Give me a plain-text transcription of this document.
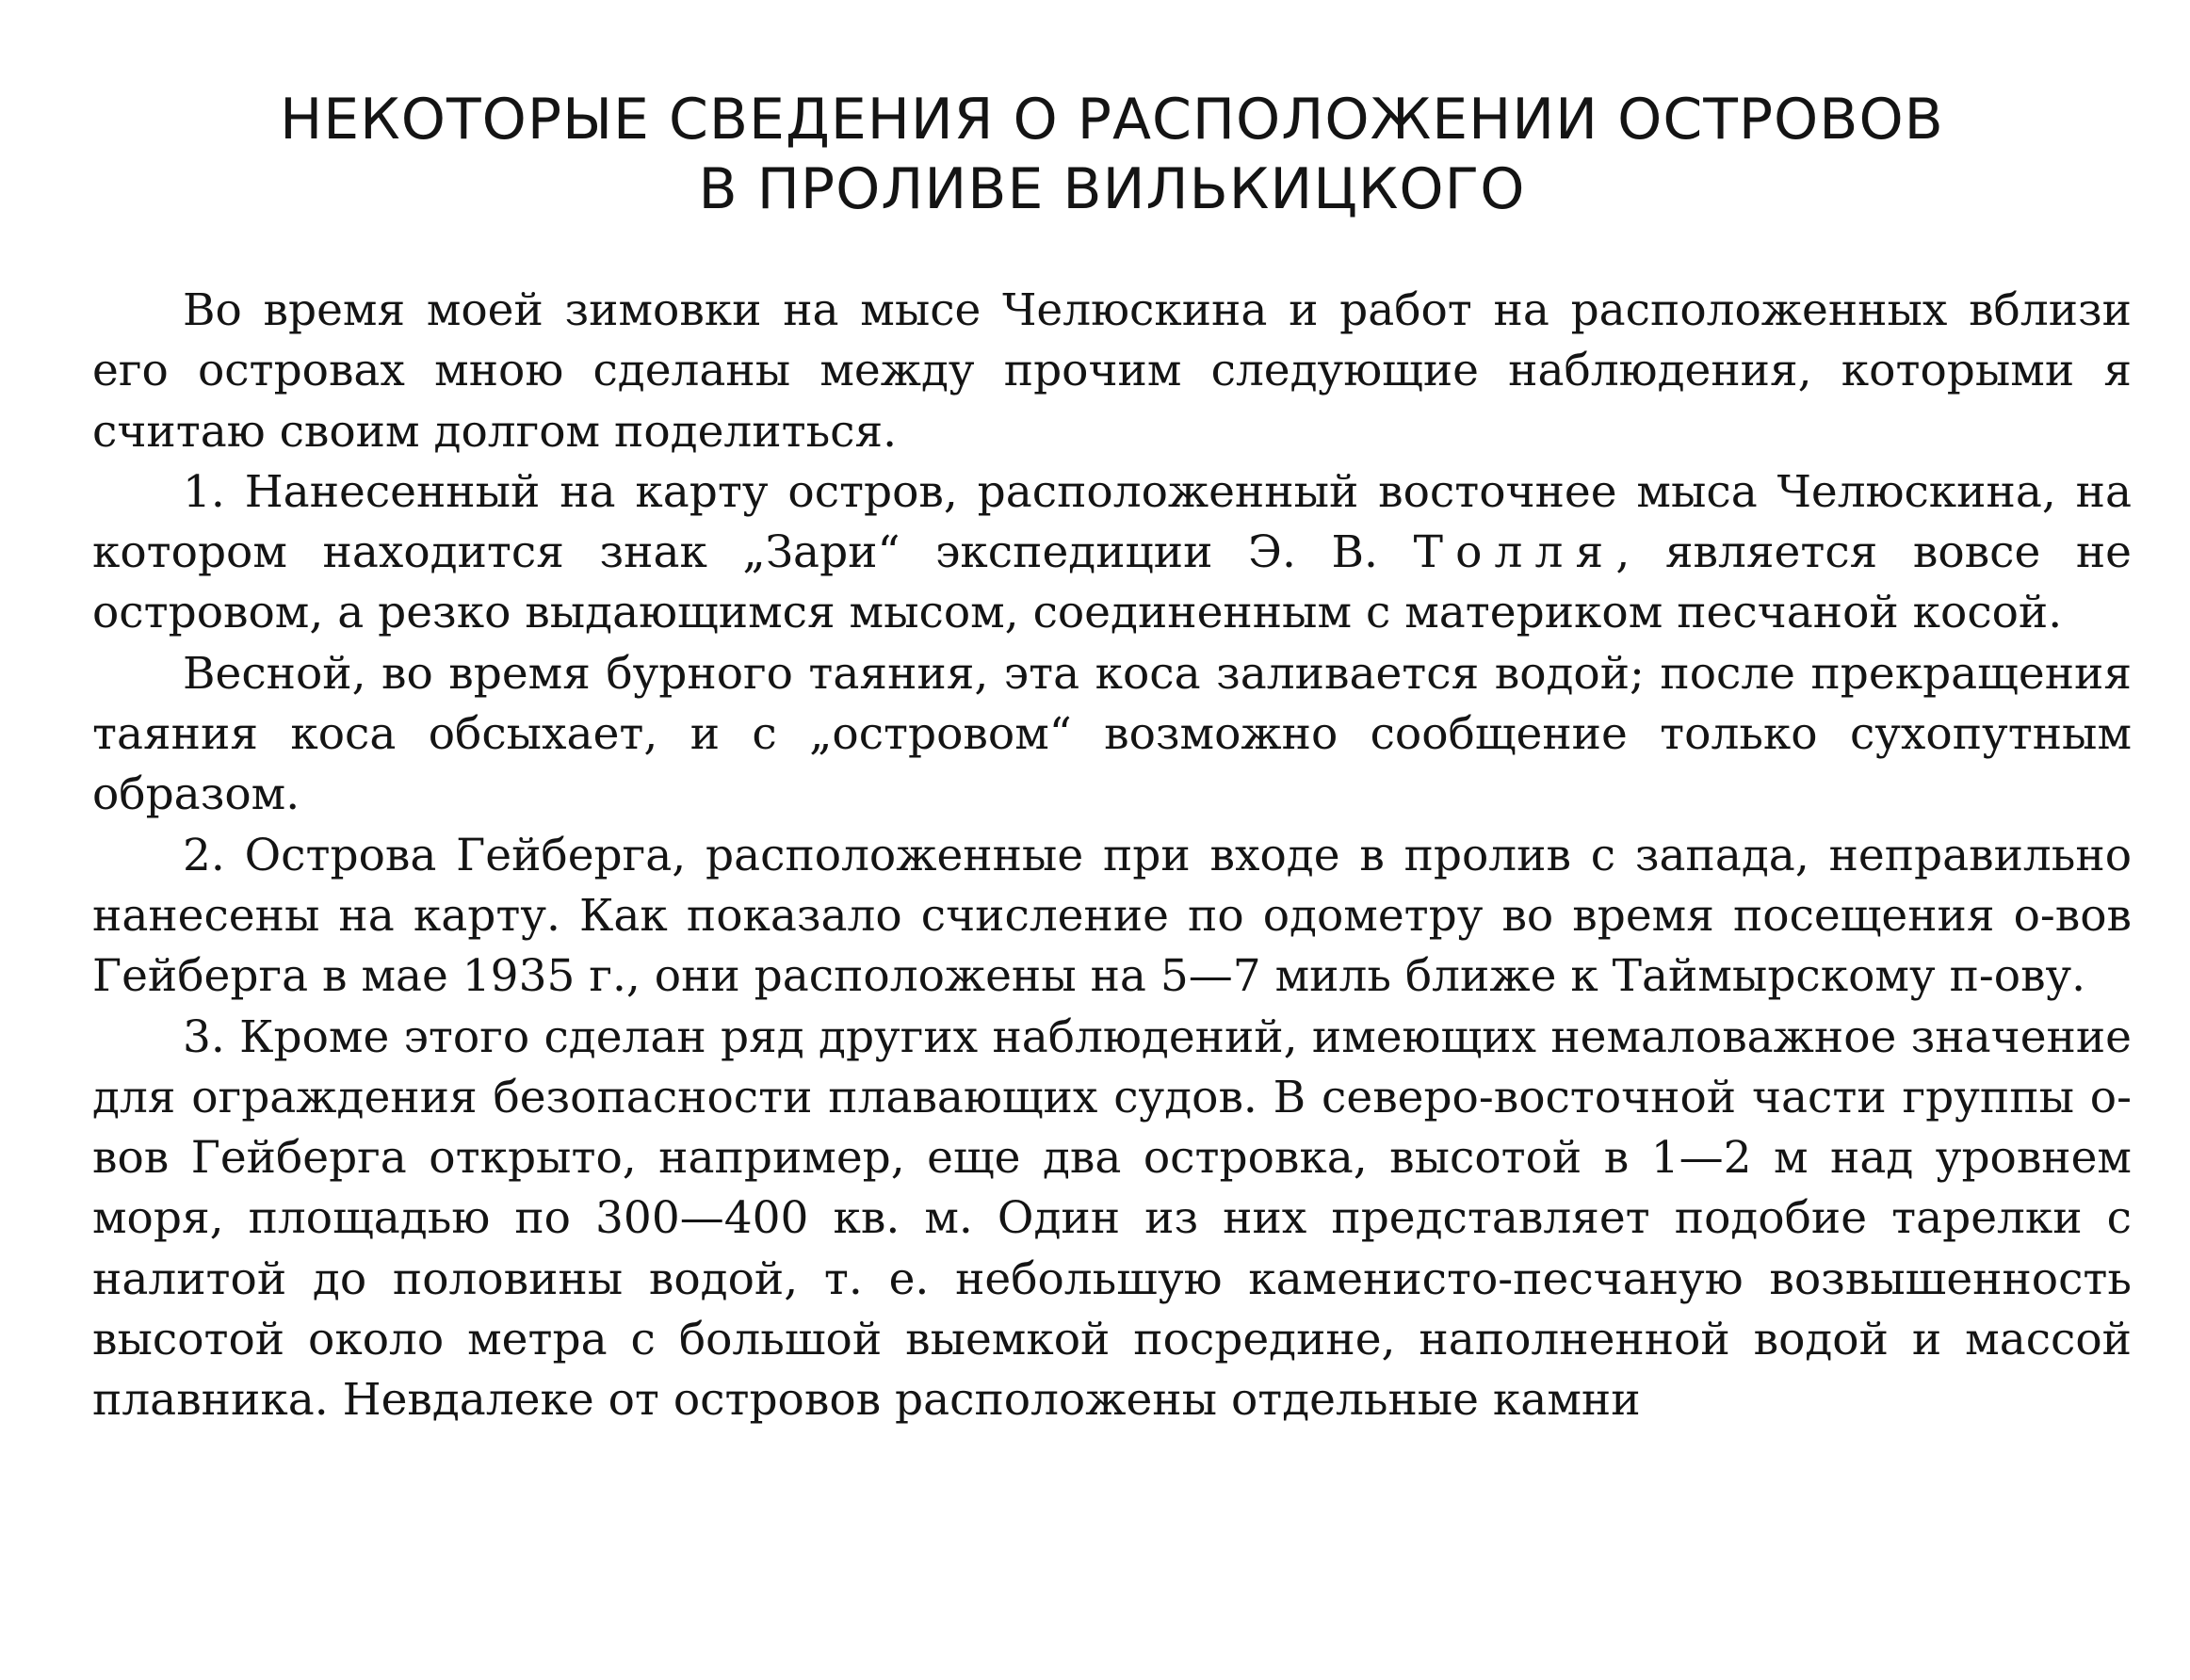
НЕКОТОРЫЕ СВЕДЕНИЯ О РАСПОЛОЖЕНИИ ОСТРОВОВ
В ПРОЛИВЕ ВИЛЬКИЦКОГО

Во время моей зимовки на мысе Челюскина и работ на расположенных вблизи его островах мною сделаны между прочим следующие наблюдения, которыми я считаю своим долгом поделиться.

1. Нанесенный на карту остров, расположенный восточнее мыса Челюскина, на котором находится знак „Зари“ экспедиции Э. В. Толля, является вовсе не островом, а резко выдающимся мысом, соединенным с материком песчаной косой.

Весной, во время бурного таяния, эта коса заливается водой; после прекращения таяния коса обсыхает, и с „островом“ возможно сообщение только сухопутным образом.

2. Острова Гейберга, расположенные при входе в пролив с запада, неправильно нанесены на карту. Как показало счисление по одометру во время посещения о-вов Гейберга в мае 1935 г., они расположены на 5—7 миль ближе к Таймырскому п-ову.

3. Кроме этого сделан ряд других наблюдений, имеющих немаловажное значение для ограждения безопасности плавающих судов. В северо-восточной части группы о-вов Гейберга открыто, например, еще два островка, высотой в 1—2 м над уровнем моря, площадью по 300—400 кв. м. Один из них представляет подобие тарелки с налитой до половины водой, т. е. небольшую каменисто-песчаную возвышенность высотой около метра с большой выемкой посредине, наполненной водой и массой плавника. Невдалеке от островов расположены отдельные камни
